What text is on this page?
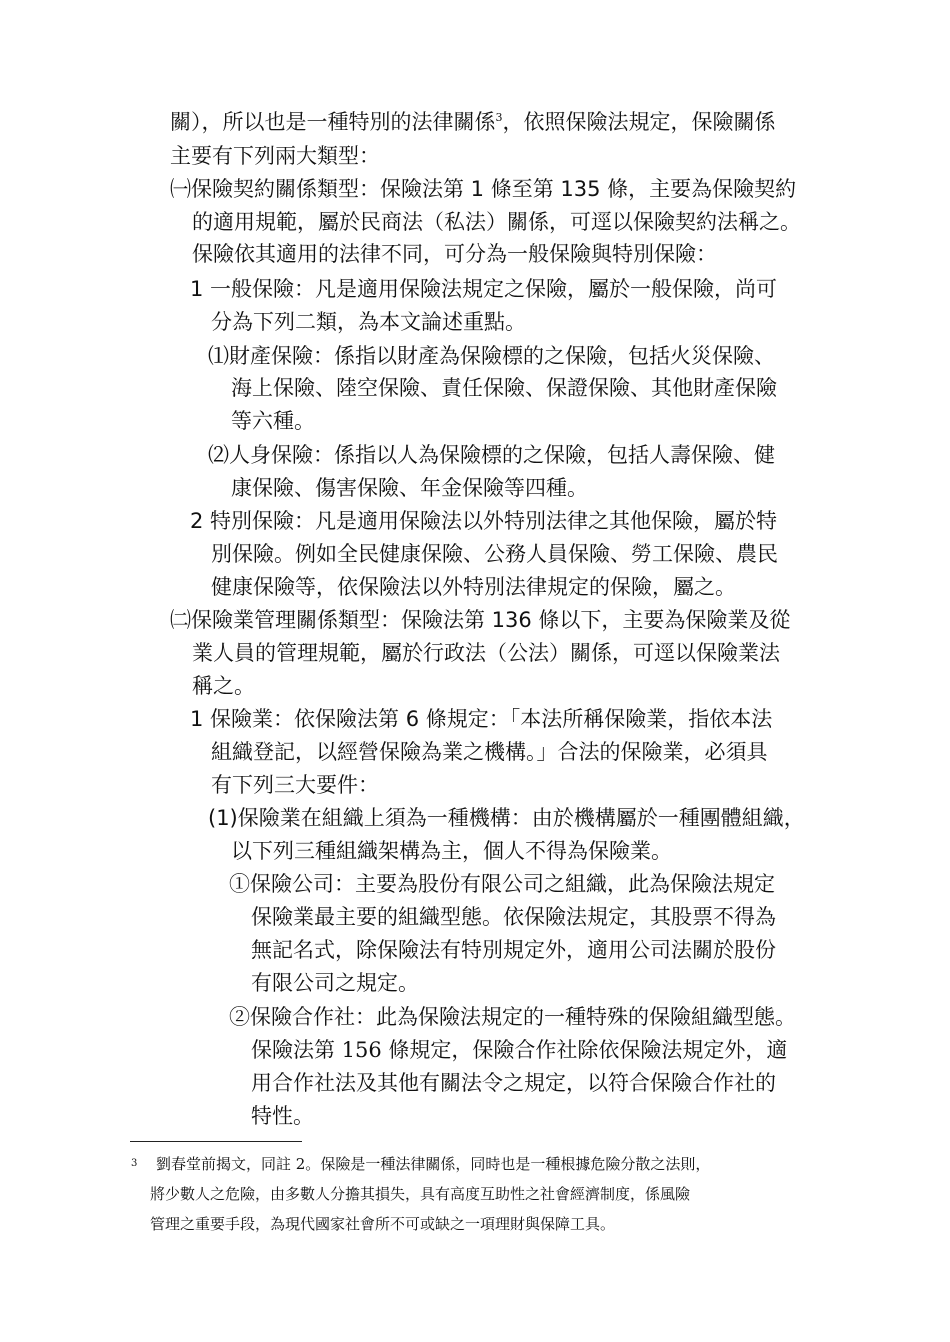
關），所以也是一種特別的法律關係$^3$，依照保險法規定，保險關係
主要有下列兩大類型：
㈠保險契約關係類型：保險法第 1 條至第 135 條，主要為保險契約
的適用規範，屬於民商法（私法）關係，可逕以保險契約法稱之。
保險依其適用的法律不同，可分為一般保險與特別保險：
1 一般保險：凡是適用保險法規定之保險，屬於一般保險，尚可
分為下列二類，為本文論述重點。
⑴財產保險：係指以財產為保險標的之保險，包括火災保險、
海上保險、陸空保險、責任保險、保證保險、其他財產保險
等六種。
⑵人身保險：係指以人為保險標的之保險，包括人壽保險、健
康保險、傷害保險、年金保險等四種。
2 特別保險：凡是適用保險法以外特別法律之其他保險，屬於特
別保險。例如全民健康保險、公務人員保險、勞工保險、農民
健康保險等，依保險法以外特別法律規定的保險，屬之。
㈡保險業管理關係類型：保險法第 136 條以下，主要為保險業及從
業人員的管理規範，屬於行政法（公法）關係，可逕以保險業法
稱之。
1 保險業：依保險法第 6 條規定：「本法所稱保險業，指依本法
組織登記，以經營保險為業之機構。」合法的保險業，必須具
有下列三大要件：
(1)保險業在組織上須為一種機構：由於機構屬於一種團體組織，
以下列三種組織架構為主，個人不得為保險業。
①保險公司：主要為股份有限公司之組織，此為保險法規定
保險業最主要的組織型態。依保險法規定，其股票不得為
無記名式，除保險法有特別規定外，適用公司法關於股份
有限公司之規定。
②保險合作社：此為保險法規定的一種特殊的保險組織型態。
保險法第 156 條規定，保險合作社除依保險法規定外，適
用合作社法及其他有關法令之規定，以符合保險合作社的
特性。
3 劉春堂前揭文，同註 2。保險是一種法律關係，同時也是一種根據危險分散之法則，
將少數人之危險，由多數人分擔其損失，具有高度互助性之社會經濟制度，係風險
管理之重要手段，為現代國家社會所不可或缺之一項理財與保障工具。
